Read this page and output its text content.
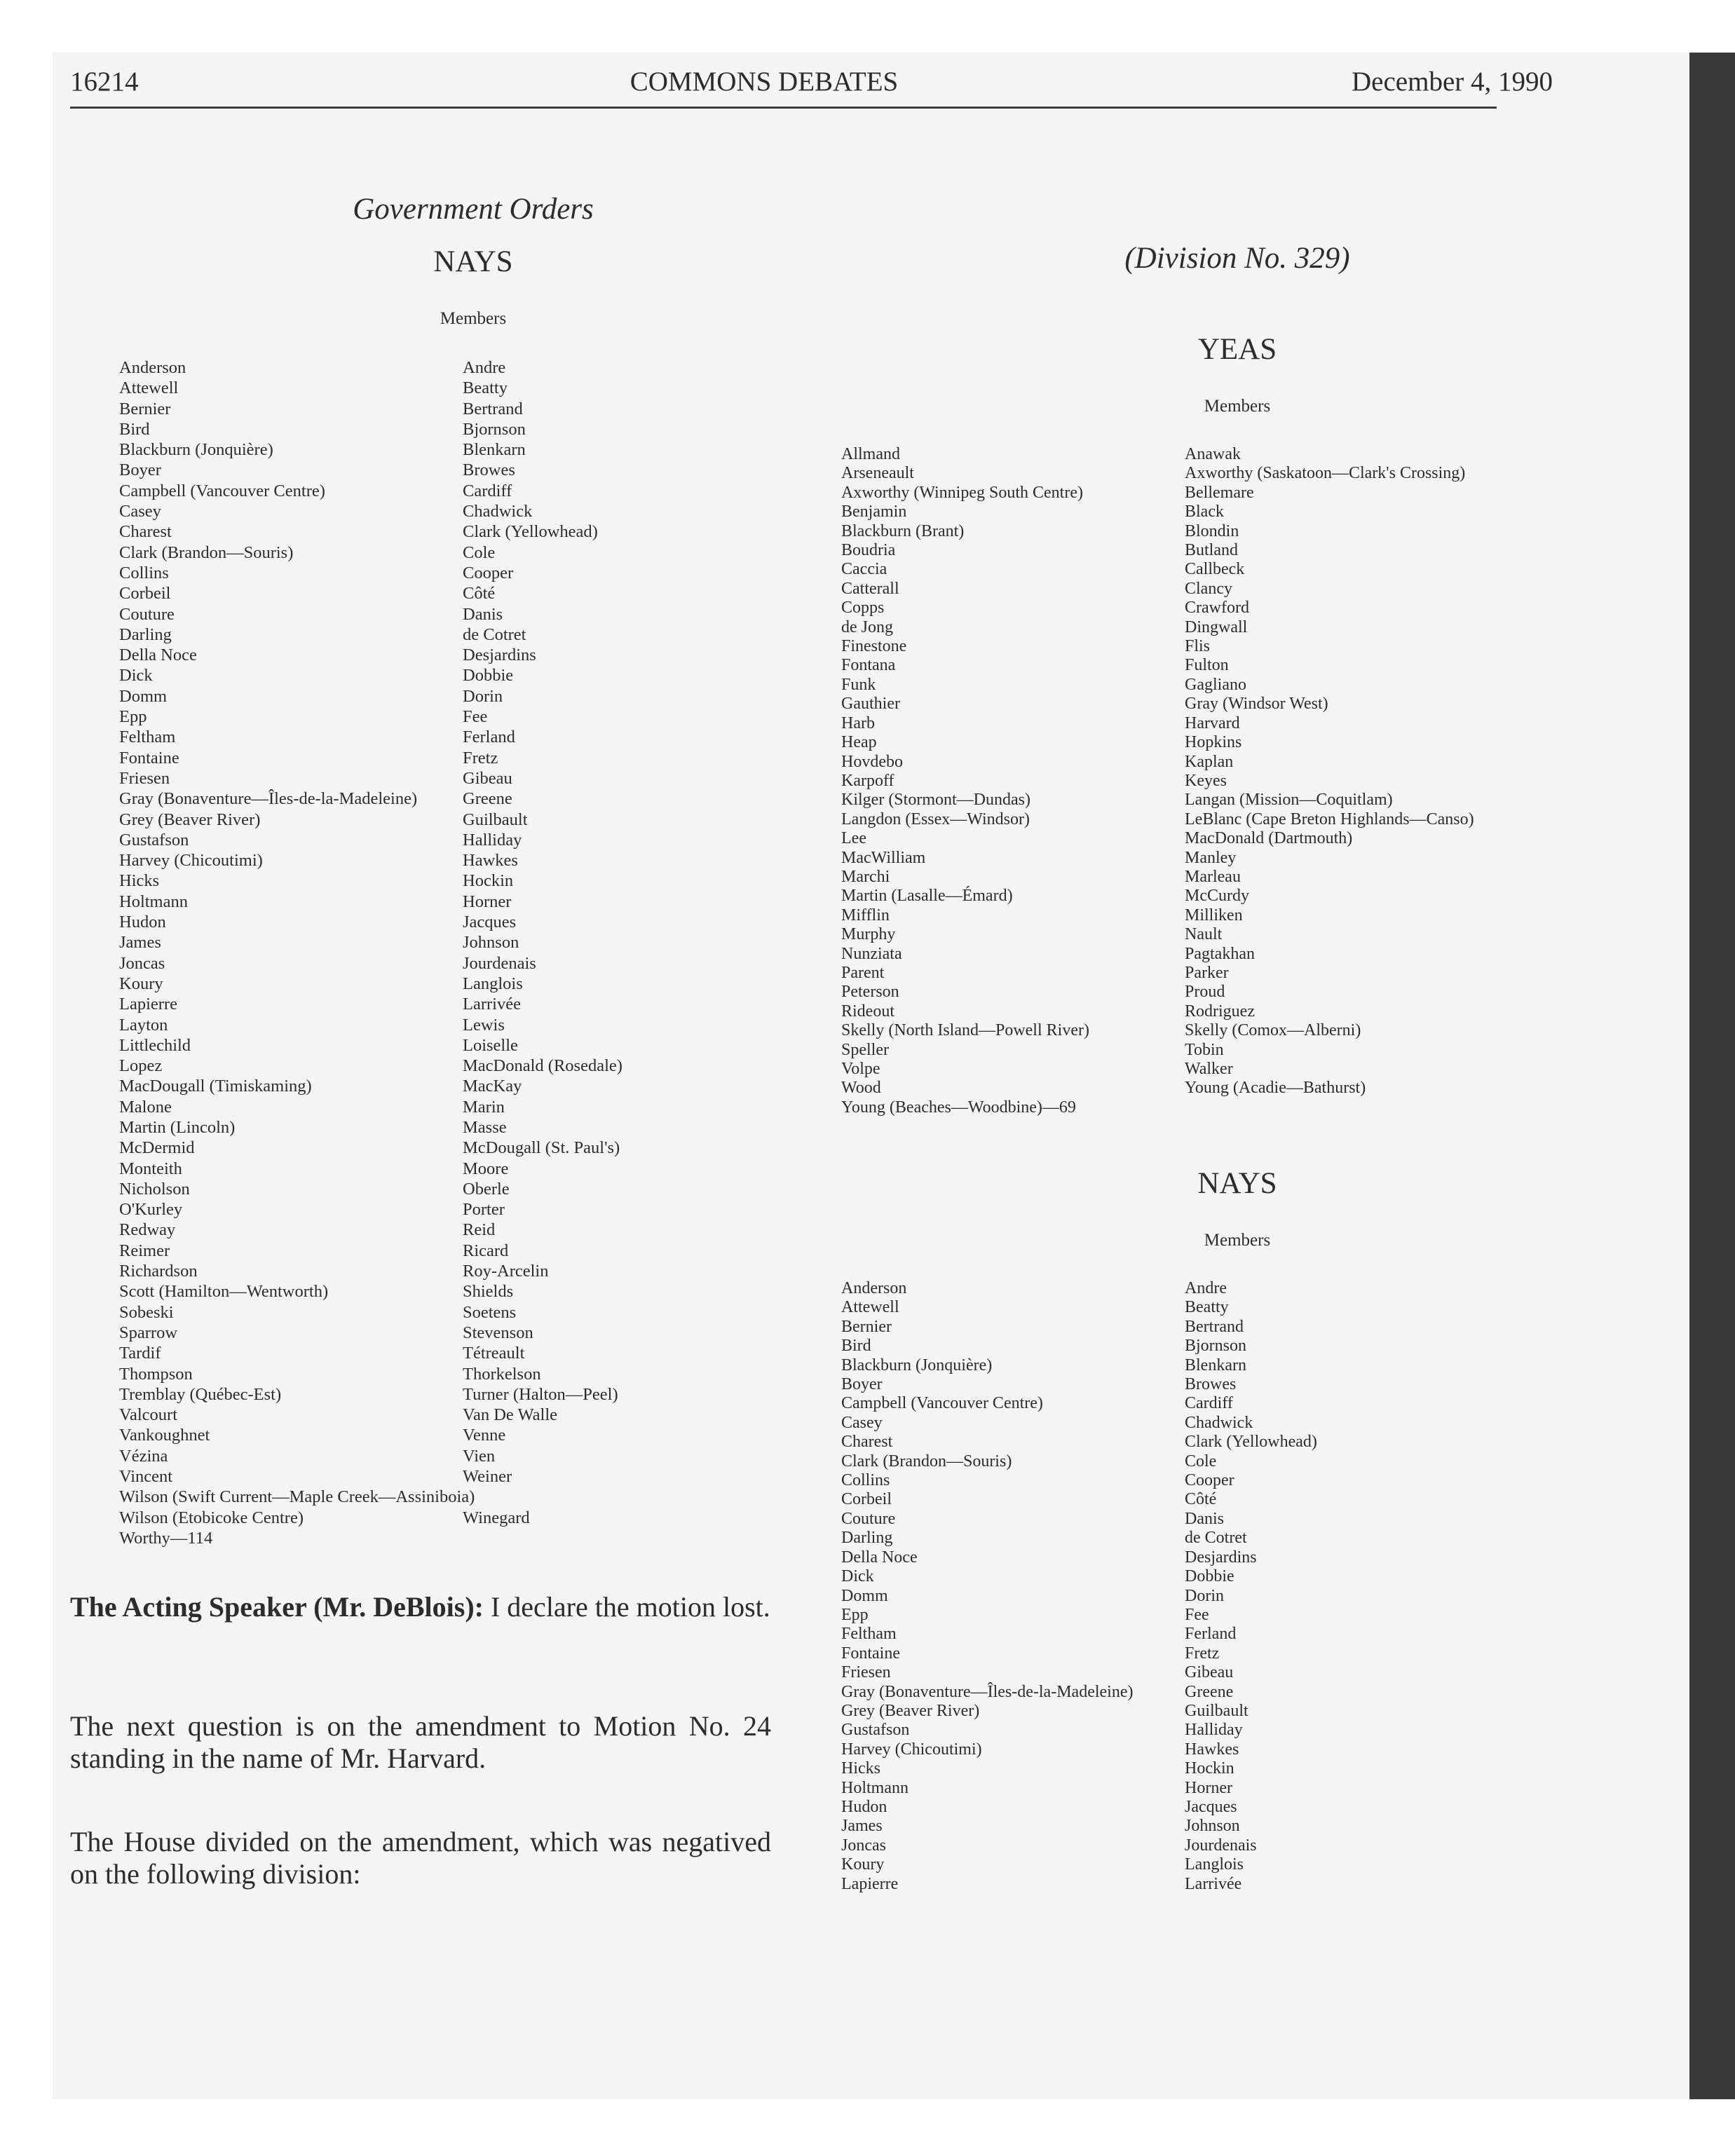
16214	COMMONS DEBATES	December 4, 1990
Government Orders
NAYS
Members
Anderson
Attewell
Bernier
Bird
Blackburn (Jonquière)
Boyer
Campbell (Vancouver Centre)
Casey
Charest
Clark (Brandon—Souris)
Collins
Corbeil
Couture
Darling
Della Noce
Dick
Domm
Epp
Feltham
Fontaine
Friesen
Gray (Bonaventure—Îles-de-la-Madeleine)
Grey (Beaver River)
Gustafson
Harvey (Chicoutimi)
Hicks
Holtmann
Hudon
James
Joncas
Koury
Lapierre
Layton
Littlechild
Lopez
MacDougall (Timiskaming)
Malone
Martin (Lincoln)
McDermid
Monteith
Nicholson
O'Kurley
Redway
Reimer
Richardson
Scott (Hamilton—Wentworth)
Sobeski
Sparrow
Tardif
Thompson
Tremblay (Québec-Est)
Valcourt
Vankoughnet
Vézina
Vincent
Wilson (Swift Current—Maple Creek—Assiniboia)
Wilson (Etobicoke Centre)
Worthy—114
Andre
Beatty
Bertrand
Bjornson
Blenkarn
Browes
Cardiff
Chadwick
Clark (Yellowhead)
Cole
Cooper
Côté
Danis
de Cotret
Desjardins
Dobbie
Dorin
Fee
Ferland
Fretz
Gibeau
Greene
Guilbault
Halliday
Hawkes
Hockin
Horner
Jacques
Johnson
Jourdenais
Langlois
Larrivée
Lewis
Loiselle
MacDonald (Rosedale)
MacKay
Marin
Masse
McDougall (St. Paul's)
Moore
Oberle
Porter
Reid
Ricard
Roy-Arcelin
Shields
Soetens
Stevenson
Tétreault
Thorkelson
Turner (Halton—Peel)
Van De Walle
Venne
Vien
Weiner

Winegard

The Acting Speaker (Mr. DeBlois): I declare the motion lost.

The next question is on the amendment to Motion No. 24 standing in the name of Mr. Harvard.

The House divided on the amendment, which was negatived on the following division:

(Division No. 329)
YEAS
Members
Allmand
Arseneault
Axworthy (Winnipeg South Centre)
Benjamin
Blackburn (Brant)
Boudria
Caccia
Catterall
Copps
de Jong
Finestone
Fontana
Funk
Gauthier
Harb
Heap
Hovdebo
Karpoff
Kilger (Stormont—Dundas)
Langdon (Essex—Windsor)
Lee
MacWilliam
Marchi
Martin (Lasalle—Émard)
Mifflin
Murphy
Nunziata
Parent
Peterson
Rideout
Skelly (North Island—Powell River)
Speller
Volpe
Wood
Young (Beaches—Woodbine)—69
Anawak
Axworthy (Saskatoon—Clark's Crossing)
Bellemare
Black
Blondin
Butland
Callbeck
Clancy
Crawford
Dingwall
Flis
Fulton
Gagliano
Gray (Windsor West)
Harvard
Hopkins
Kaplan
Keyes
Langan (Mission—Coquitlam)
LeBlanc (Cape Breton Highlands—Canso)
MacDonald (Dartmouth)
Manley
Marleau
McCurdy
Milliken
Nault
Pagtakhan
Parker
Proud
Rodriguez
Skelly (Comox—Alberni)
Tobin
Walker
Young (Acadie—Bathurst)
NAYS
Members
Anderson
Attewell
Bernier
Bird
Blackburn (Jonquière)
Boyer
Campbell (Vancouver Centre)
Casey
Charest
Clark (Brandon—Souris)
Collins
Corbeil
Couture
Darling
Della Noce
Dick
Domm
Epp
Feltham
Fontaine
Friesen
Gray (Bonaventure—Îles-de-la-Madeleine)
Grey (Beaver River)
Gustafson
Harvey (Chicoutimi)
Hicks
Holtmann
Hudon
James
Joncas
Koury
Lapierre
Andre
Beatty
Bertrand
Bjornson
Blenkarn
Browes
Cardiff
Chadwick
Clark (Yellowhead)
Cole
Cooper
Côté
Danis
de Cotret
Desjardins
Dobbie
Dorin
Fee
Ferland
Fretz
Gibeau
Greene
Guilbault
Halliday
Hawkes
Hockin
Horner
Jacques
Johnson
Jourdenais
Langlois
Larrivée
